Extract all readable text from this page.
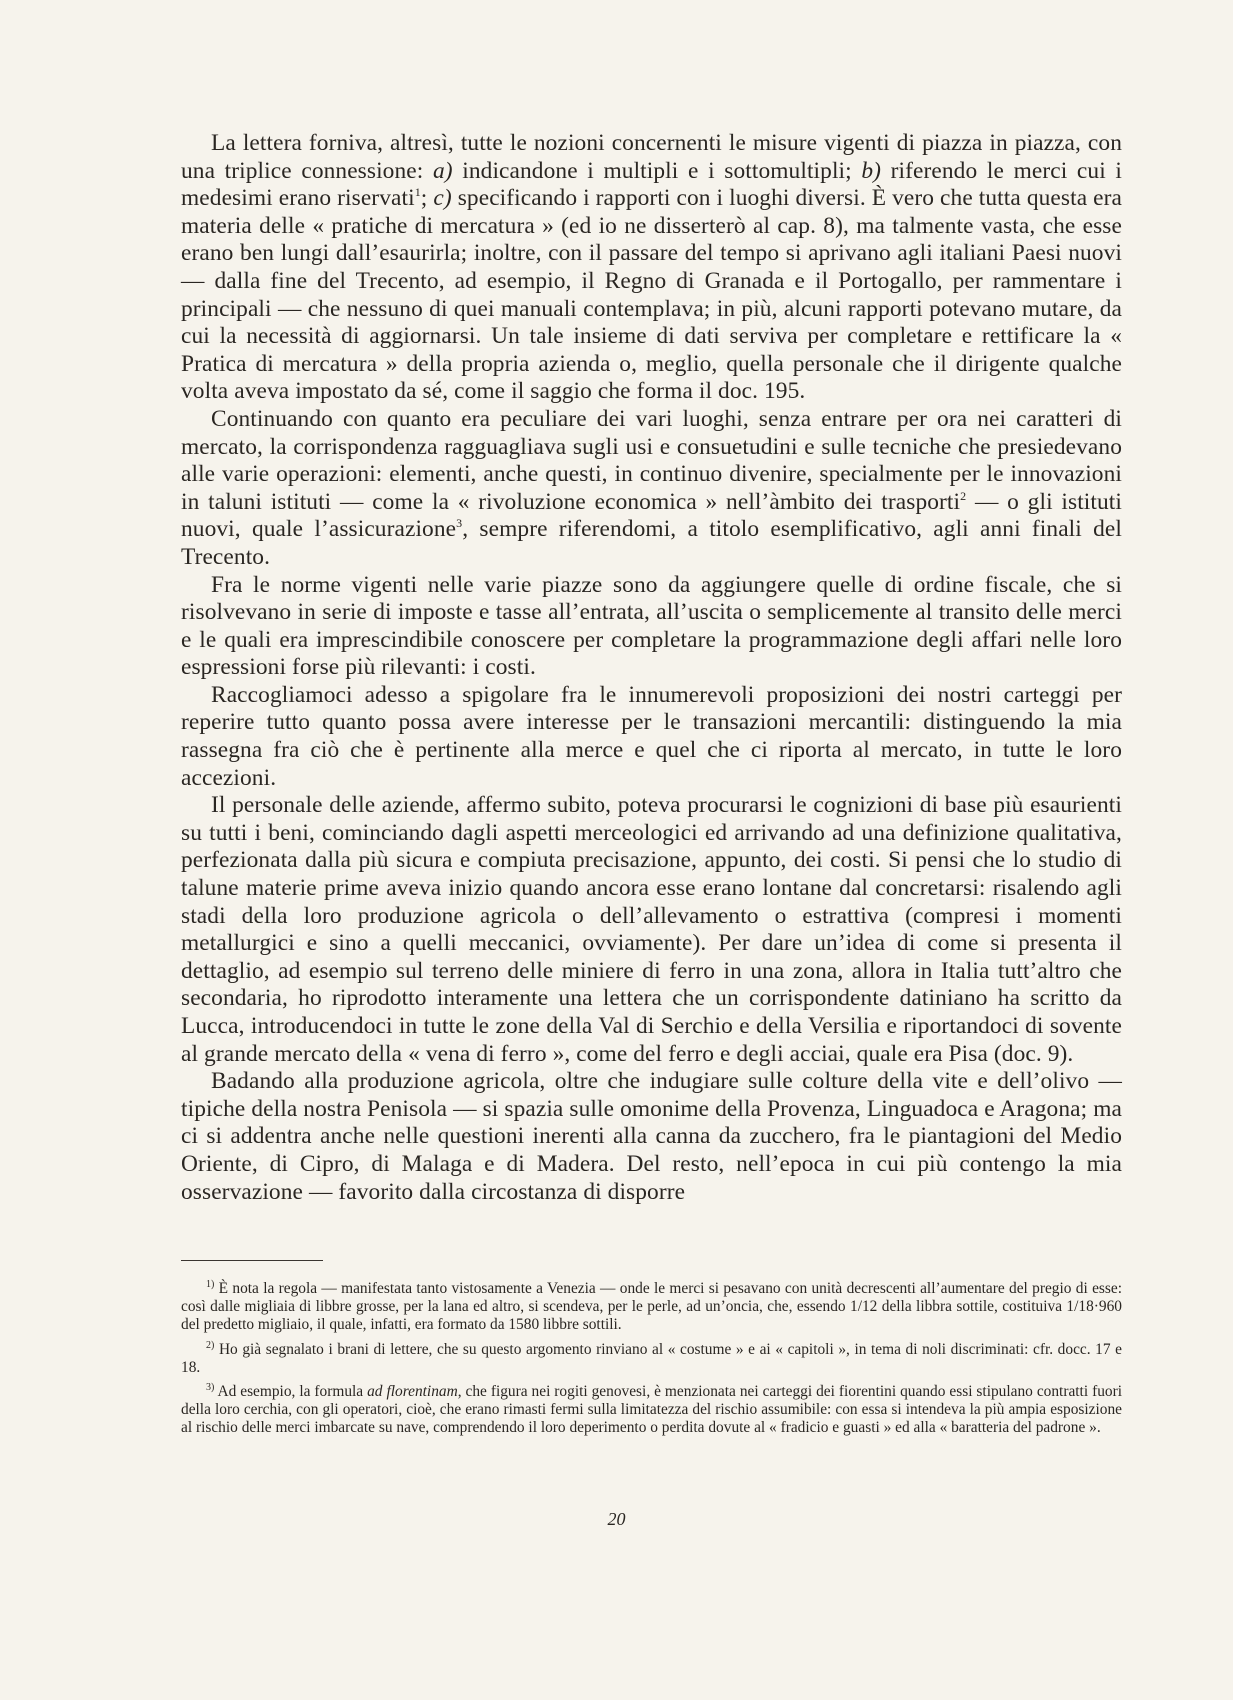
La lettera forniva, altresì, tutte le nozioni concernenti le misure vigenti di piazza in piazza, con una triplice connessione: a) indicandone i multipli e i sottomultipli; b) riferendo le merci cui i medesimi erano riservati$^1$; c) specificando i rapporti con i luoghi diversi. È vero che tutta questa era materia delle « pratiche di mercatura » (ed io ne disserterò al cap. 8), ma talmente vasta, che esse erano ben lungi dall’esaurirla; inoltre, con il passare del tempo si aprivano agli italiani Paesi nuovi — dalla fine del Trecento, ad esempio, il Regno di Granada e il Portogallo, per rammentare i principali — che nessuno di quei manuali contemplava; in più, alcuni rapporti potevano mutare, da cui la necessità di aggiornarsi. Un tale insieme di dati serviva per completare e rettificare la « Pratica di mercatura » della propria azienda o, meglio, quella personale che il dirigente qualche volta aveva impostato da sé, come il saggio che forma il doc. 195.

Continuando con quanto era peculiare dei vari luoghi, senza entrare per ora nei caratteri di mercato, la corrispondenza ragguagliava sugli usi e consuetudini e sulle tecniche che presiedevano alle varie operazioni: elementi, anche questi, in continuo divenire, specialmente per le innovazioni in taluni istituti — come la « rivoluzione economica » nell’àmbito dei trasporti$^2$ — o gli istituti nuovi, quale l’assicurazione$^3$, sempre riferendomi, a titolo esemplificativo, agli anni finali del Trecento.

Fra le norme vigenti nelle varie piazze sono da aggiungere quelle di ordine fiscale, che si risolvevano in serie di imposte e tasse all’entrata, all’uscita o semplicemente al transito delle merci e le quali era imprescindibile conoscere per completare la programmazione degli affari nelle loro espressioni forse più rilevanti: i costi.

Raccogliamoci adesso a spigolare fra le innumerevoli proposizioni dei nostri carteggi per reperire tutto quanto possa avere interesse per le transazioni mercantili: distinguendo la mia rassegna fra ciò che è pertinente alla merce e quel che ci riporta al mercato, in tutte le loro accezioni.

Il personale delle aziende, affermo subito, poteva procurarsi le cognizioni di base più esaurienti su tutti i beni, cominciando dagli aspetti merceologici ed arrivando ad una definizione qualitativa, perfezionata dalla più sicura e compiuta precisazione, appunto, dei costi. Si pensi che lo studio di talune materie prime aveva inizio quando ancora esse erano lontane dal concretarsi: risalendo agli stadi della loro produzione agricola o dell’allevamento o estrattiva (compresi i momenti metallurgici e sino a quelli meccanici, ovviamente). Per dare un’idea di come si presenta il dettaglio, ad esempio sul terreno delle miniere di ferro in una zona, allora in Italia tutt’altro che secondaria, ho riprodotto interamente una lettera che un corrispondente datiniano ha scritto da Lucca, introducendoci in tutte le zone della Val di Serchio e della Versilia e riportandoci di sovente al grande mercato della « vena di ferro », come del ferro e degli acciai, quale era Pisa (doc. 9).

Badando alla produzione agricola, oltre che indugiare sulle colture della vite e dell’olivo — tipiche della nostra Penisola — si spazia sulle omonime della Provenza, Linguadoca e Aragona; ma ci si addentra anche nelle questioni inerenti alla canna da zucchero, fra le piantagioni del Medio Oriente, di Cipro, di Malaga e di Madera. Del resto, nell’epoca in cui più contengo la mia osservazione — favorito dalla circostanza di disporre

$^{1)}$ È nota la regola — manifestata tanto vistosamente a Venezia — onde le merci si pesavano con unità decrescenti all’aumentare del pregio di esse: così dalle migliaia di libbre grosse, per la lana ed altro, si scendeva, per le perle, ad un’oncia, che, essendo 1/12 della libbra sottile, costituiva 1/18·960 del predetto migliaio, il quale, infatti, era formato da 1580 libbre sottili.

$^{2)}$ Ho già segnalato i brani di lettere, che su questo argomento rinviano al « costume » e ai « capitoli », in tema di noli discriminati: cfr. docc. 17 e 18.

$^{3)}$ Ad esempio, la formula ad florentinam, che figura nei rogiti genovesi, è menzionata nei carteggi dei fiorentini quando essi stipulano contratti fuori della loro cerchia, con gli operatori, cioè, che erano rimasti fermi sulla limitatezza del rischio assumibile: con essa si intendeva la più ampia esposizione al rischio delle merci imbarcate su nave, comprendendo il loro deperimento o perdita dovute al « fradicio e guasti » ed alla « baratteria del padrone ».

20
